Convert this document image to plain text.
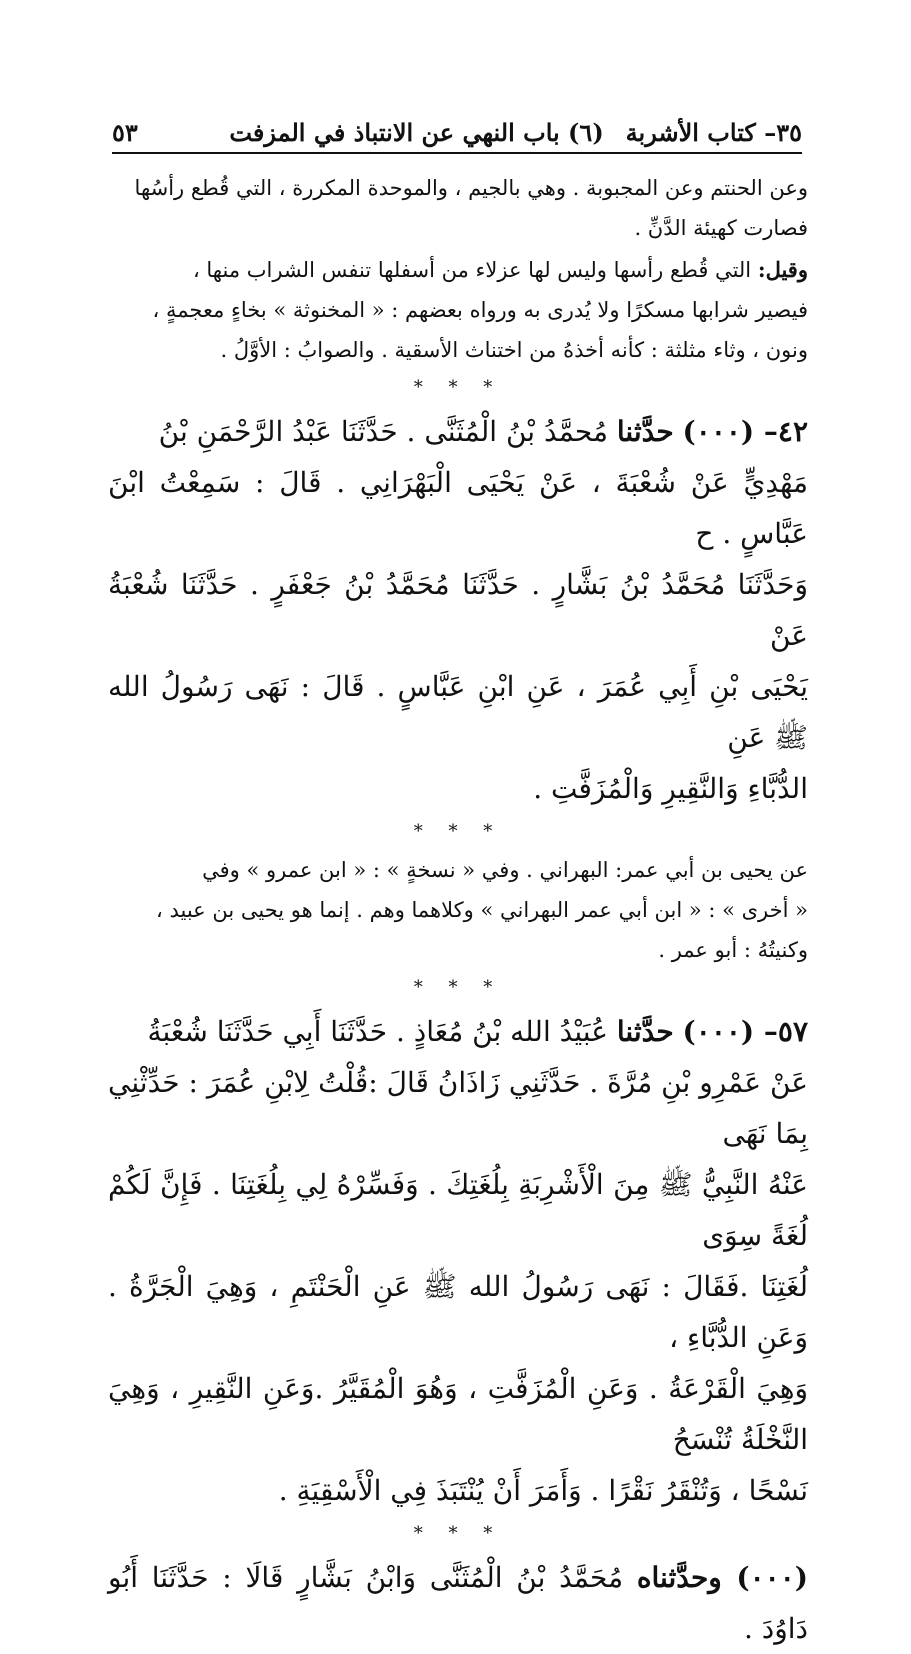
٣٥– كتاب الأشربة
(٦) باب النهي عن الانتباذ في المزفت
٥٣

وعن الحنتم وعن المجبوبة . وهي بالجيم ، والموحدة المكررة ، التي قُطع رأسُها
فصارت كهيئة الدَّنِّ .

وقيل: التي قُطع رأسها وليس لها عزلاء من أسفلها تنفس الشراب منها ،
فيصير شرابها مسكرًا ولا يُدرى به ورواه بعضهم : « المخنوثة » بخاءٍ معجمةٍ ،
ونون ، وثاء مثلثة : كأنه أخذهُ من اختناث الأسقية . والصوابُ : الأوَّلُ .

* * *

٤٢– (٠٠٠) حدَّثنا مُحمَّدُ بْنُ الْمُثَنَّى . حَدَّثَنَا عَبْدُ الرَّحْمَنِ بْنُ
مَهْدِيٍّ عَنْ شُعْبَةَ ، عَنْ يَحْيَى الْبَهْرَانِي . قَالَ : سَمِعْتُ ابْنَ عَبَّاسٍ . ح
وَحَدَّثَنَا مُحَمَّدُ بْنُ بَشَّارٍ . حَدَّثَنَا مُحَمَّدُ بْنُ جَعْفَرٍ . حَدَّثَنَا شُعْبَةُ عَنْ
يَحْيَى بْنِ أَبِي عُمَرَ ، عَنِ ابْنِ عَبَّاسٍ . قَالَ : نَهَى رَسُولُ الله ﷺ عَنِ
الدُّبَّاءِ وَالنَّقِيرِ وَالْمُزَفَّتِ .

* * *

عن يحيى بن أبي عمر: البهراني . وفي « نسخةٍ » : « ابن عمرو » وفي
« أخرى » : « ابن أبي عمر البهراني » وكلاهما وهم . إنما هو يحيى بن عبيد ،
وكنيتُهُ : أبو عمر .

* * *

٥٧– (٠٠٠) حدَّثنا عُبَيْدُ الله بْنُ مُعَاذٍ . حَدَّثَنَا أَبِي حَدَّثَنَا شُعْبَةُ
عَنْ عَمْرِو بْنِ مُرَّةَ . حَدَّثَنِي زَاذَانُ قَالَ :قُلْتُ لِابْنِ عُمَرَ : حَدِّثْنِي بِمَا نَهَى
عَنْهُ النَّبِيُّ ﷺ مِنَ الْأَشْرِبَةِ بِلُغَتِكَ . وَفَسِّرْهُ لِي بِلُغَتِنَا . فَإِنَّ لَكُمْ لُغَةً سِوَى
لُغَتِنَا .فَقَالَ : نَهَى رَسُولُ الله ﷺ عَنِ الْحَنْتَمِ ، وَهِيَ الْجَرَّةُ . وَعَنِ الدُّبَّاءِ ،
وَهِيَ الْقَرْعَةُ . وَعَنِ الْمُزَفَّتِ ، وَهُوَ الْمُقَيَّرُ .وَعَنِ النَّقِيرِ ، وَهِيَ النَّخْلَةُ تُنْسَحُ
نَسْحًا ، وَتُنْقَرُ نَقْرًا . وَأَمَرَ أَنْ يُنْتَبَذَ فِي الْأَسْقِيَةِ .

* * *

(٠٠٠) وحدَّثناه مُحَمَّدُ بْنُ الْمُثَنَّى وَابْنُ بَشَّارٍ قَالَا : حَدَّثَنَا أَبُو دَاوُدَ .
